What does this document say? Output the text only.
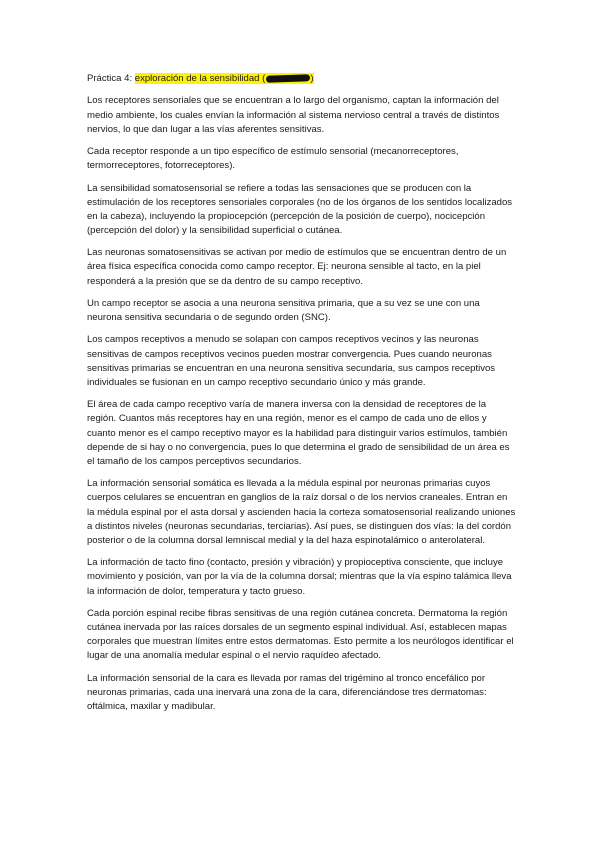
Práctica 4: exploración de la sensibilidad (	)

Los receptores sensoriales que se encuentran a lo largo del organismo, captan la información del medio ambiente, los cuales envían la información al sistema nervioso central a través de distintos nervios, lo que dan lugar a las vías aferentes sensitivas.

Cada receptor responde a un tipo específico de estímulo sensorial (mecanorreceptores, termorreceptores, fotorreceptores).

La sensibilidad somatosensorial se refiere a todas las sensaciones que se producen con la estimulación de los receptores sensoriales corporales (no de los órganos de los sentidos localizados en la cabeza), incluyendo la propiocepción (percepción de la posición de cuerpo), nocicepción (percepción del dolor) y la sensibilidad superficial o cutánea.

Las neuronas somatosensitivas se activan por medio de estímulos que se encuentran dentro de un área física específica conocida como campo receptor. Ej: neurona sensible al tacto, en la piel responderá a la presión que se da dentro de su campo receptivo.

Un campo receptor se asocia a una neurona sensitiva primaria, que a su vez se une con una neurona sensitiva secundaria o de segundo orden (SNC).

Los campos receptivos a menudo se solapan con campos receptivos vecinos y las neuronas sensitivas de campos receptivos vecinos pueden mostrar convergencia. Pues cuando neuronas sensitivas primarias se encuentran en una neurona sensitiva secundaria, sus campos receptivos individuales se fusionan en un campo receptivo secundario único y más grande.

El área de cada campo receptivo varía de manera inversa con la densidad de receptores de la región. Cuantos más receptores hay en una región, menor es el campo de cada uno de ellos y cuanto menor es el campo receptivo mayor es la habilidad para distinguir varios estímulos, también depende de si hay o no convergencia, pues lo que determina el grado de sensibilidad de un área es el tamaño de los campos perceptivos secundarios.

La información sensorial somática es llevada a la médula espinal por neuronas primarias cuyos cuerpos celulares se encuentran en ganglios de la raíz dorsal o de los nervios craneales. Entran en la médula espinal por el asta dorsal y ascienden hacia la corteza somatosensorial realizando uniones a distintos niveles (neuronas secundarias, terciarias). Así pues, se distinguen dos vías: la del cordón posterior o de la columna dorsal lemniscal medial y la del haza espinotalámico o anterolateral.

La información de tacto fino (contacto, presión y vibración) y propioceptiva consciente, que incluye movimiento y posición, van por la vía de la columna dorsal; mientras que la vía espino talámica lleva la información de dolor, temperatura y tacto grueso.

Cada porción espinal recibe fibras sensitivas de una región cutánea concreta. Dermatoma la región cutánea inervada por las raíces dorsales de un segmento espinal individual. Así, establecen mapas corporales que muestran límites entre estos dermatomas. Esto permite a los neurólogos identificar el lugar de una anomalía medular espinal o el nervio raquídeo afectado.

La información sensorial de la cara es llevada por ramas del trigémino al tronco encefálico por neuronas primarias, cada una inervará una zona de la cara, diferenciándose tres dermatomas: oftálmica, maxilar y madibular.
